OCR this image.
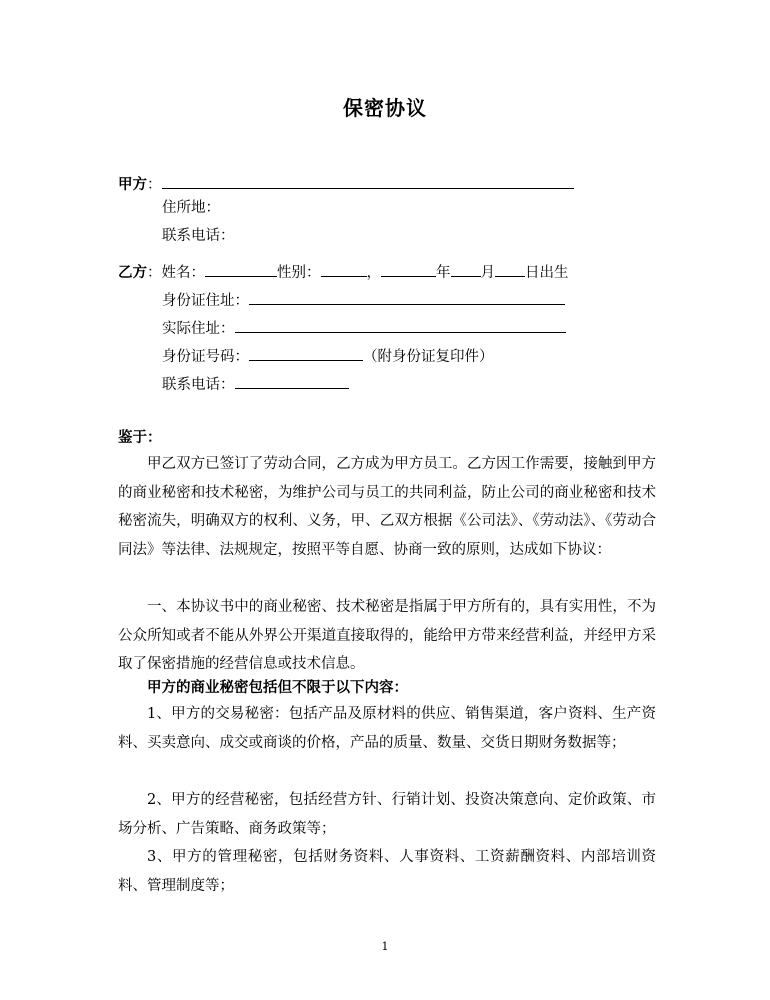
保密协议
甲方：
住所地：
联系电话：
乙方：姓名：	性别：	，	年 月 日出生
身份证住址：
实际住址：
身份证号码：	（附身份证复印件）
联系电话：
鉴于：
甲乙双方已签订了劳动合同，乙方成为甲方员工。乙方因工作需要，接触到甲方的商业秘密和技术秘密，为维护公司与员工的共同利益，防止公司的商业秘密和技术秘密流失，明确双方的权利、义务，甲、乙双方根据《公司法》、《劳动法》、《劳动合同法》等法律、法规规定，按照平等自愿、协商一致的原则，达成如下协议：
一、本协议书中的商业秘密、技术秘密是指属于甲方所有的，具有实用性，不为公众所知或者不能从外界公开渠道直接取得的，能给甲方带来经营利益，并经甲方采取了保密措施的经营信息或技术信息。
甲方的商业秘密包括但不限于以下内容：
1、甲方的交易秘密：包括产品及原材料的供应、销售渠道，客户资料、生产资料、买卖意向、成交或商谈的价格，产品的质量、数量、交货日期财务数据等；
2、甲方的经营秘密，包括经营方针、行销计划、投资决策意向、定价政策、市场分析、广告策略、商务政策等；
3、甲方的管理秘密，包括财务资料、人事资料、工资薪酬资料、内部培训资料、管理制度等；
1
